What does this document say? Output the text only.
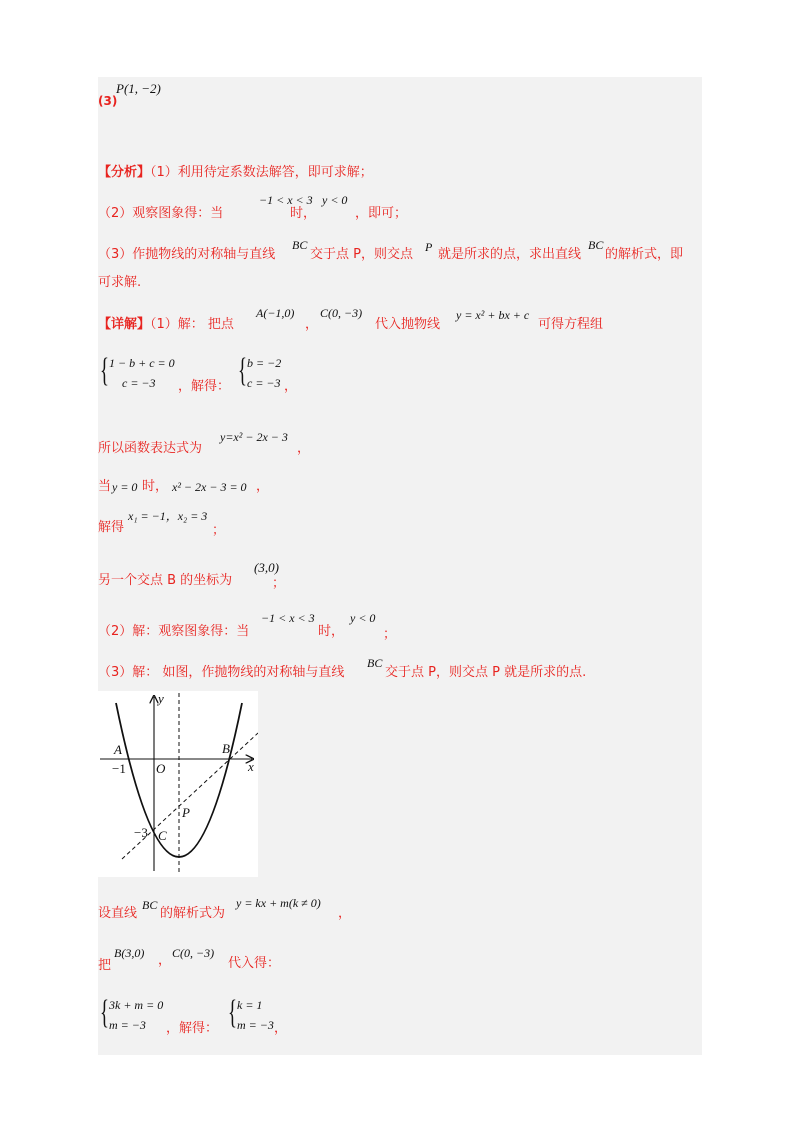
(3)
P(1, −2)
【分析】（1）利用待定系数法解答，即可求解；
（2）观察图象得：当
−1 < x < 3
时，
y < 0
，即可；
（3）作抛物线的对称轴与直线
BC
交于点 P，则交点 P 就是所求的点，求出直线
BC
的解析式，即
可求解.
【详解】（1）解： 把点
A(−1,0)
，
C(0, −3)
代入抛物线
y = x² + bx + c
可得方程组
{ 1 − b + c = 0
c = −3 ，解得： { b = −2
c = −3 ，
所以函数表达式为
y=x² − 2x − 3
，
当 y = 0 时， x² − 2x − 3 = 0 ，
解得
x₁ = −1，x₂ = 3
；
另一个交点 B 的坐标为
(3,0)
；
（2）解：观察图象得：当
−1 < x < 3
时，
y < 0
；
（3）解： 如图，作抛物线的对称轴与直线
BC
交于点 P，则交点 P 就是所求的点.
y
x
O
A
−1
B
P
−3 C
设直线
BC
的解析式为
y = kx + m(k ≠ 0)
，
把
B(3,0) ， C(0, −3)
代入得：
{ 3k + m = 0
m = −3 ，解得： { k = 1
m = −3 ，
